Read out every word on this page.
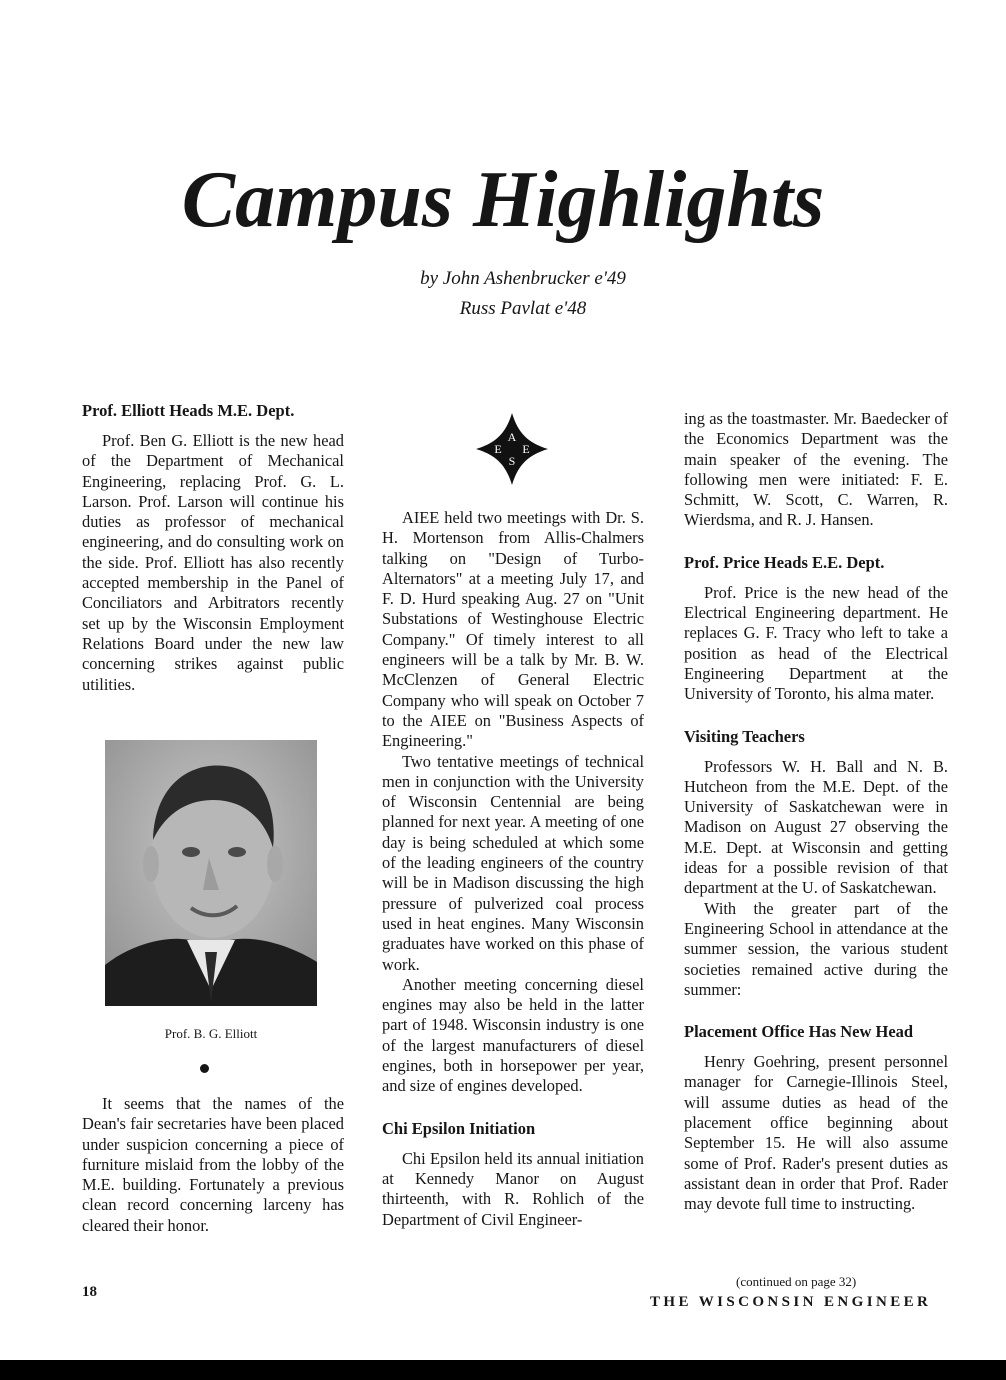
Campus Highlights
by John Ashenbrucker e'49
Russ Pavlat e'48
Prof. Elliott Heads M.E. Dept.

Prof. Ben G. Elliott is the new head of the Department of Mechanical Engineering, replacing Prof. G. L. Larson. Prof. Larson will continue his duties as professor of mechanical engineering, and do consulting work on the side. Prof. Elliott has also recently accepted membership in the Panel of Conciliators and Arbitrators recently set up by the Wisconsin Employment Relations Board under the new law concerning strikes against public utilities.

Prof. B. G. Elliott

It seems that the names of the Dean's fair secretaries have been placed under suspicion concerning a piece of furniture mislaid from the lobby of the M.E. building. Fortunately a previous clean record concerning larceny has cleared their honor.

A
E
S
E

AIEE held two meetings with Dr. S. H. Mortenson from Allis-Chalmers talking on "Design of Turbo-Alternators" at a meeting July 17, and F. D. Hurd speaking Aug. 27 on "Unit Substations of Westinghouse Electric Company." Of timely interest to all engineers will be a talk by Mr. B. W. McClenzen of General Electric Company who will speak on October 7 to the AIEE on "Business Aspects of Engineering."

Two tentative meetings of technical men in conjunction with the University of Wisconsin Centennial are being planned for next year. A meeting of one day is being scheduled at which some of the leading engineers of the country will be in Madison discussing the high pressure of pulverized coal process used in heat engines. Many Wisconsin graduates have worked on this phase of work.

Another meeting concerning diesel engines may also be held in the latter part of 1948. Wisconsin industry is one of the largest manufacturers of diesel engines, both in horsepower per year, and size of engines developed.

Chi Epsilon Initiation

Chi Epsilon held its annual initiation at Kennedy Manor on August thirteenth, with R. Rohlich of the Department of Civil Engineer-

ing as the toastmaster. Mr. Baedecker of the Economics Department was the main speaker of the evening. The following men were initiated: F. E. Schmitt, W. Scott, C. Warren, R. Wierdsma, and R. J. Hansen.

Prof. Price Heads E.E. Dept.

Prof. Price is the new head of the Electrical Engineering department. He replaces G. F. Tracy who left to take a position as head of the Electrical Engineering Department at the University of Toronto, his alma mater.

Visiting Teachers

Professors W. H. Ball and N. B. Hutcheon from the M.E. Dept. of the University of Saskatchewan were in Madison on August 27 observing the M.E. Dept. at Wisconsin and getting ideas for a possible revision of that department at the U. of Saskatchewan.

With the greater part of the Engineering School in attendance at the summer session, the various student societies remained active during the summer:

Placement Office Has New Head

Henry Goehring, present personnel manager for Carnegie-Illinois Steel, will assume duties as head of the placement office beginning about September 15. He will also assume some of Prof. Rader's present duties as assistant dean in order that Prof. Rader may devote full time to instructing.

(continued on page 32)
18
THE WISCONSIN ENGINEER
